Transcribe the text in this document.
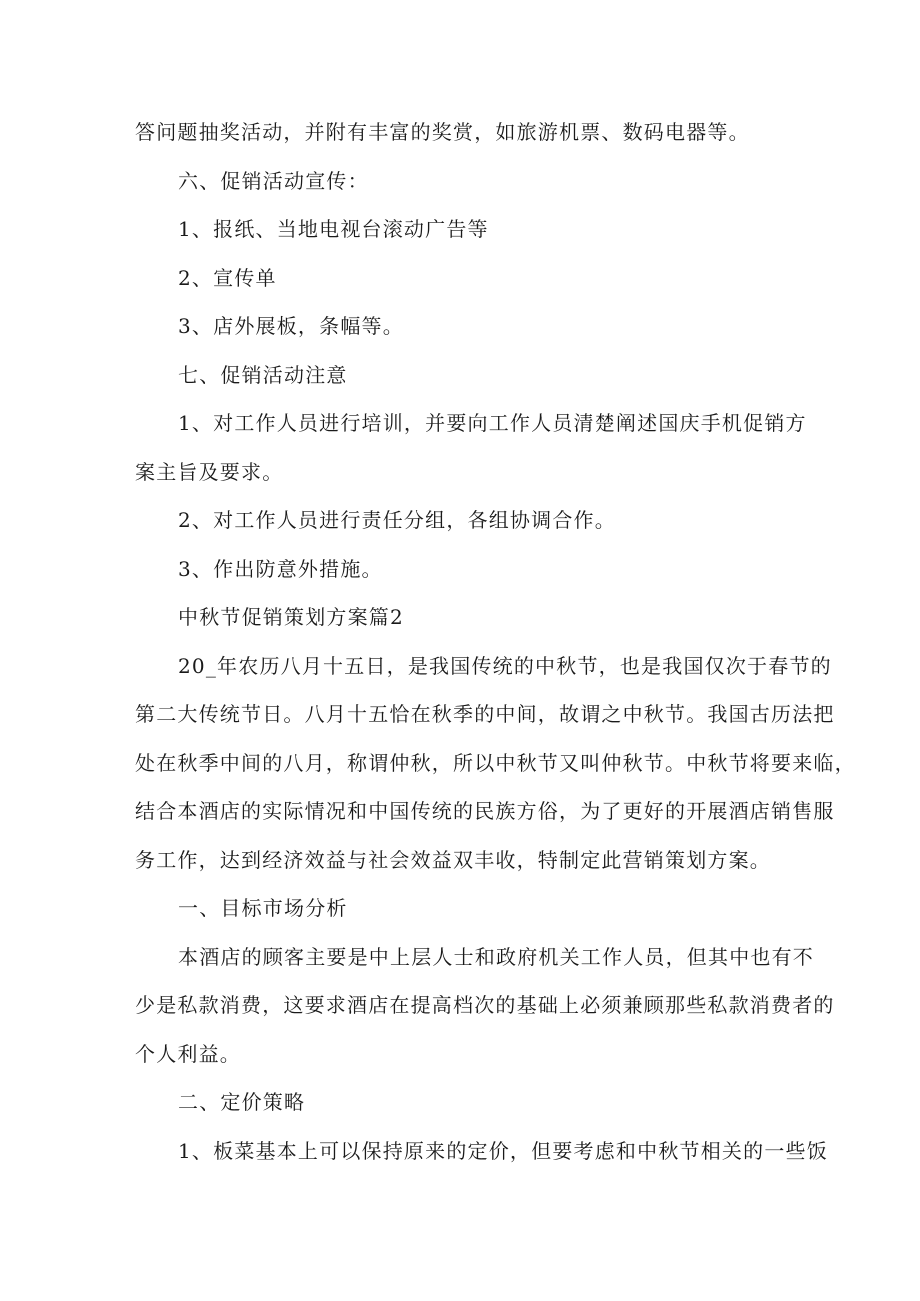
答问题抽奖活动，并附有丰富的奖赏，如旅游机票、数码电器等。
六、促销活动宣传：
1、报纸、当地电视台滚动广告等
2、宣传单
3、店外展板，条幅等。
七、促销活动注意
1、对工作人员进行培训，并要向工作人员清楚阐述国庆手机促销方
案主旨及要求。
2、对工作人员进行责任分组，各组协调合作。
3、作出防意外措施。
中秋节促销策划方案篇2
20_年农历八月十五日，是我国传统的中秋节，也是我国仅次于春节的
第二大传统节日。八月十五恰在秋季的中间，故谓之中秋节。我国古历法把
处在秋季中间的八月，称谓仲秋，所以中秋节又叫仲秋节。中秋节将要来临，
结合本酒店的实际情况和中国传统的民族方俗，为了更好的开展酒店销售服
务工作，达到经济效益与社会效益双丰收，特制定此营销策划方案。
一、目标市场分析
本酒店的顾客主要是中上层人士和政府机关工作人员，但其中也有不
少是私款消费，这要求酒店在提高档次的基础上必须兼顾那些私款消费者的
个人利益。
二、定价策略
1、板菜基本上可以保持原来的定价，但要考虑和中秋节相关的一些饭
